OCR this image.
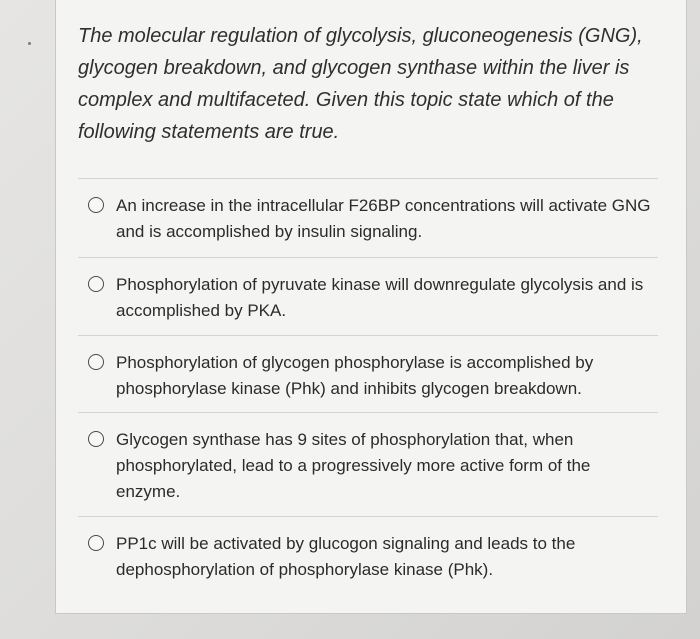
The molecular regulation of glycolysis, gluconeogenesis (GNG), glycogen breakdown, and glycogen synthase within the liver is complex and multifaceted. Given this topic state which of the following statements are true.

An increase in the intracellular F26BP concentrations will activate GNG and is accomplished by insulin signaling.
Phosphorylation of pyruvate kinase will downregulate glycolysis and is accomplished by PKA.
Phosphorylation of glycogen phosphorylase is accomplished by phosphorylase kinase (Phk) and inhibits glycogen breakdown.
Glycogen synthase has 9 sites of phosphorylation that, when phosphorylated, lead to a progressively more active form of the enzyme.
PP1c will be activated by glucogon signaling and leads to the dephosphorylation of phosphorylase kinase (Phk).
